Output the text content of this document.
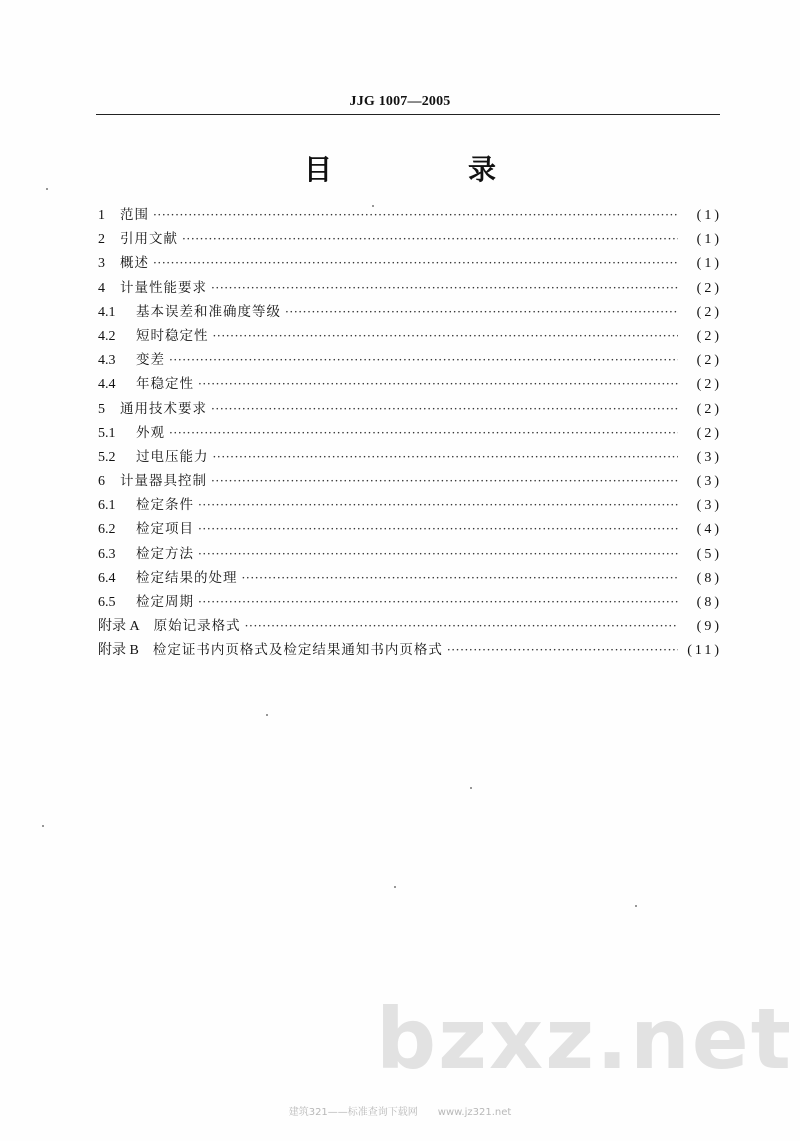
JJG 1007—2005
目　录
1	范围 ·····	(1)
2	引用文献 ·····	(1)
3	概述 ·····	(1)
4	计量性能要求 ·····	(2)
4.1	基本误差和准确度等级 ·····	(2)
4.2	短时稳定性 ·····	(2)
4.3	变差 ·····	(2)
4.4	年稳定性 ·····	(2)
5	通用技术要求 ·····	(2)
5.1	外观 ·····	(2)
5.2	过电压能力 ·····	(3)
6	计量器具控制 ·····	(3)
6.1	检定条件 ·····	(3)
6.2	检定项目 ·····	(4)
6.3	检定方法 ·····	(5)
6.4	检定结果的处理 ·····	(8)
6.5	检定周期 ·····	(8)
附录 A 原始记录格式 ·····	(9)
附录 B 检定证书内页格式及检定结果通知书内页格式 ·····	(11)
bzxz.net
建筑321——标准查询下载网　　www.jz321.net
